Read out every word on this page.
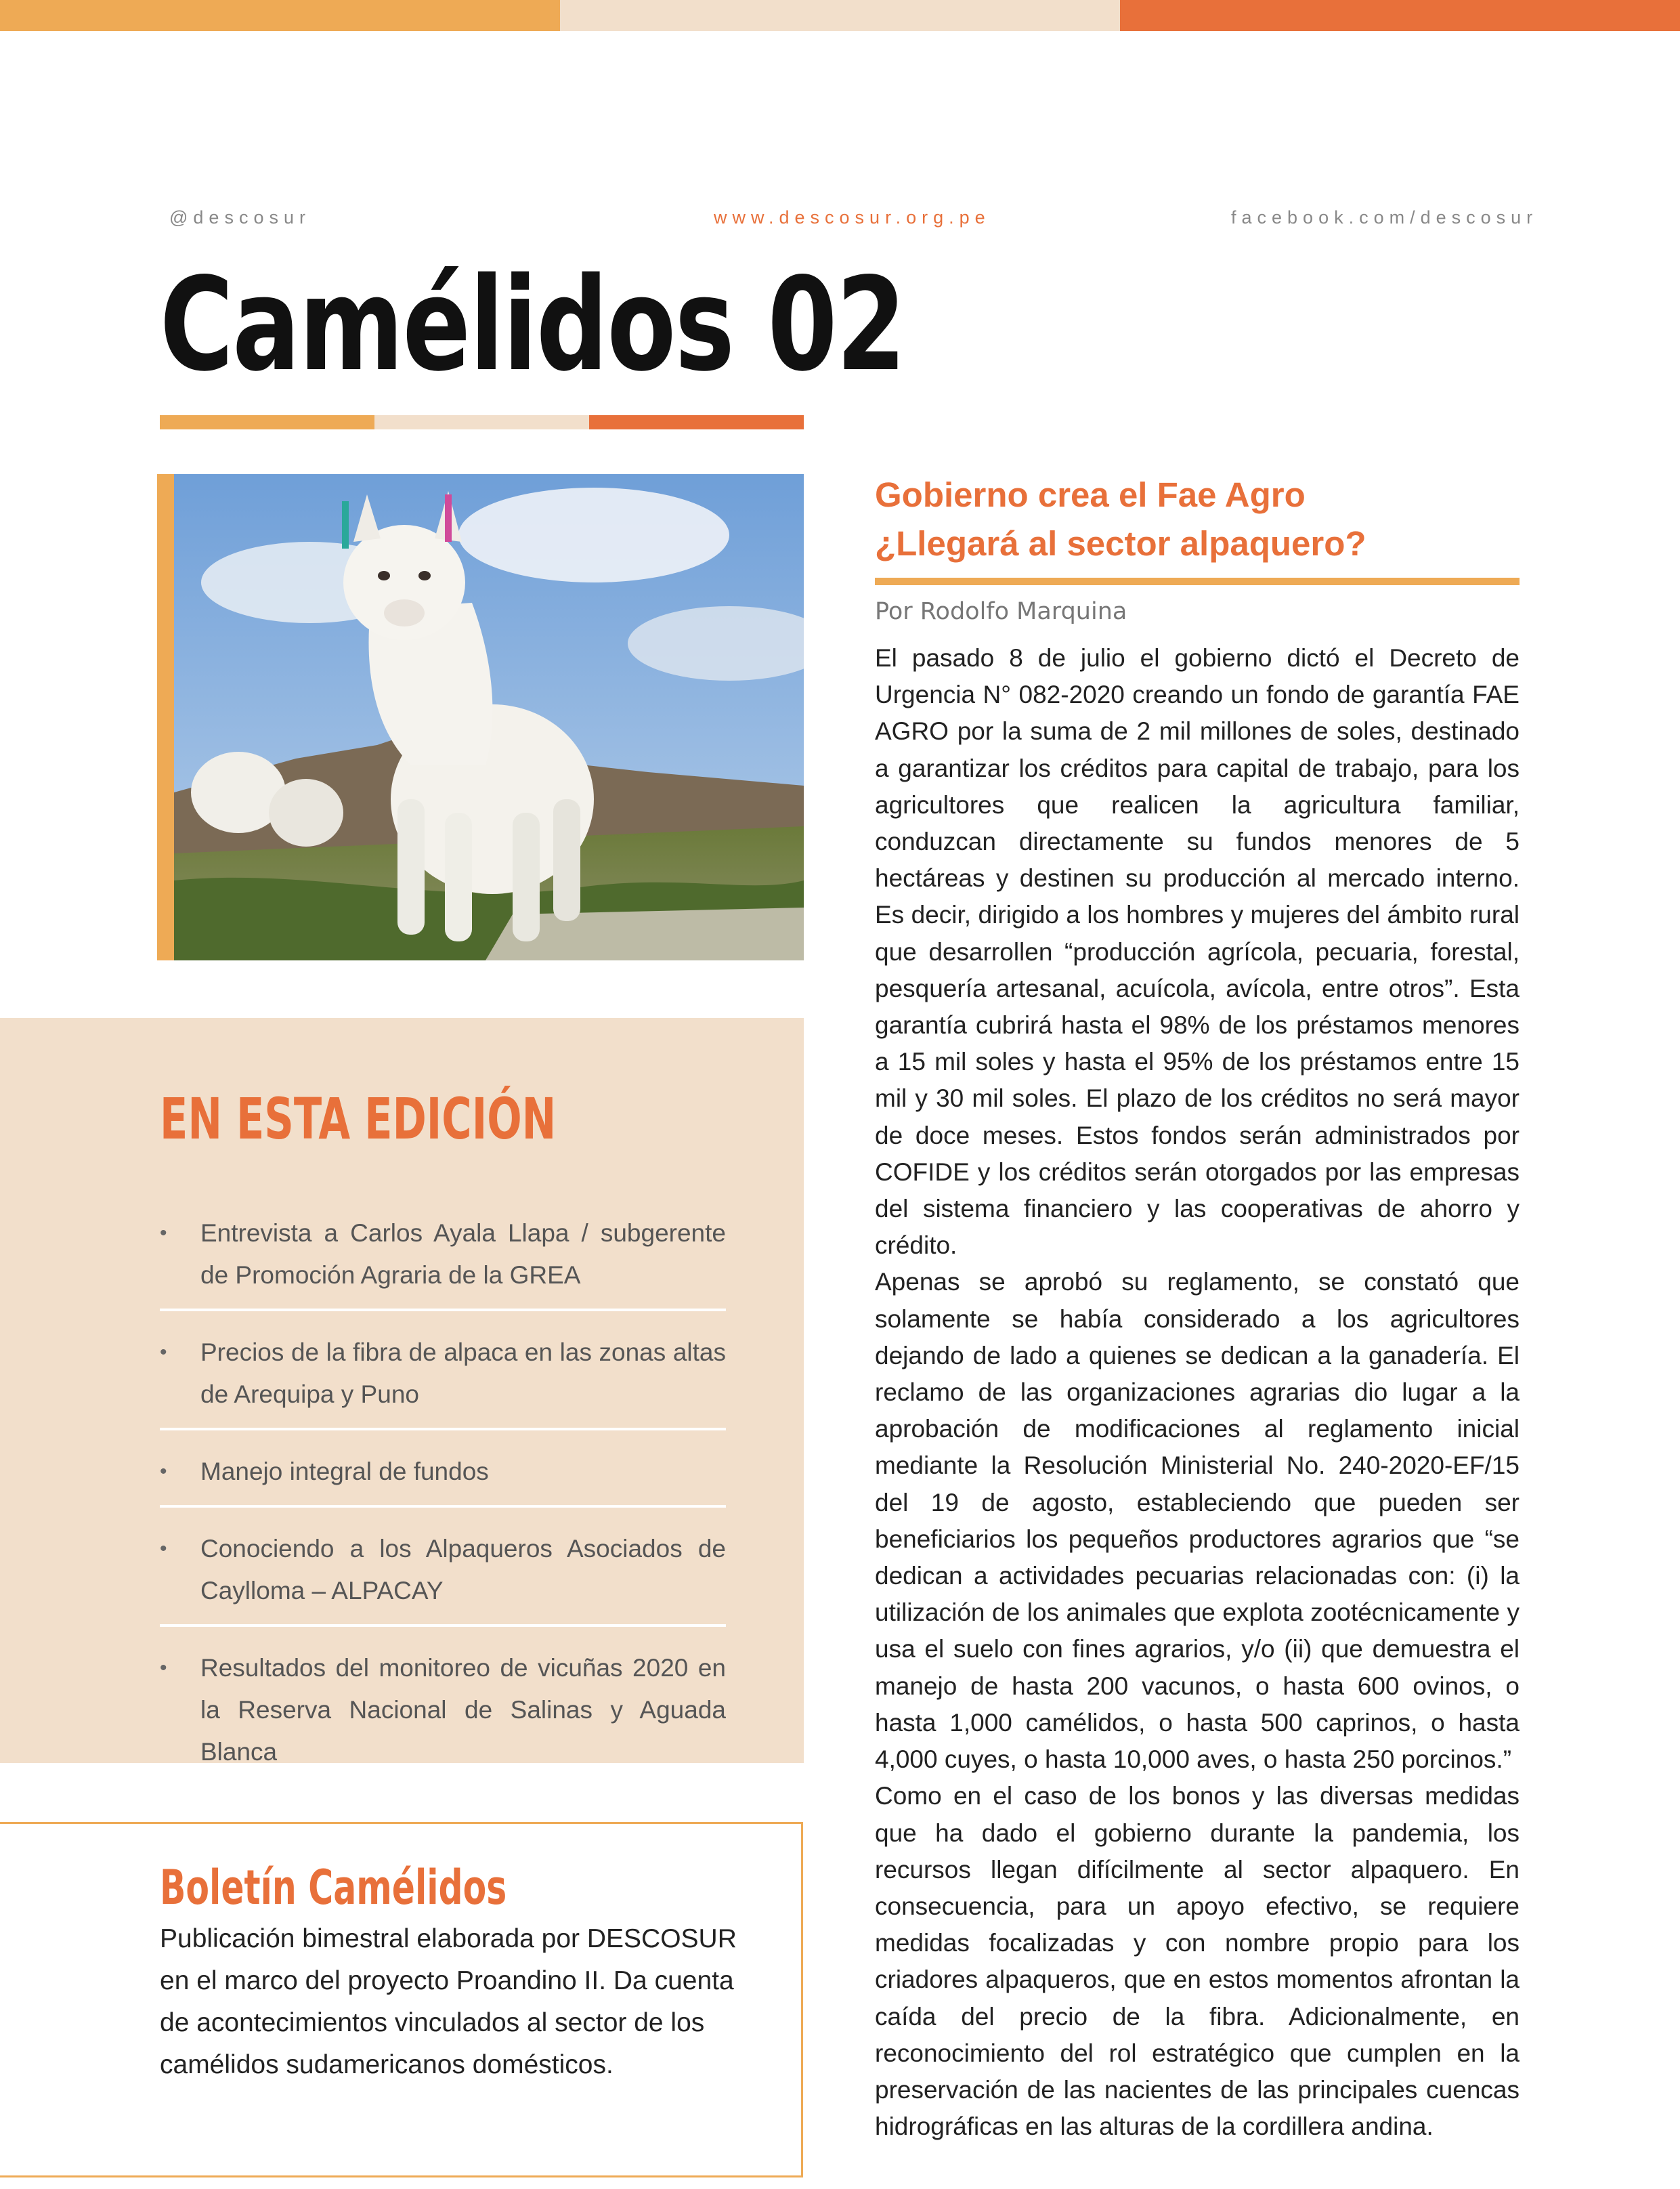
@descosur	www.descosur.org.pe	facebook.com/descosur
Camélidos 02
EN ESTA EDICIÓN
• Entrevista a Carlos Ayala Llapa / subgerente de Promoción Agraria de la GREA
• Precios de la fibra de alpaca en las zonas altas de Arequipa y Puno
• Manejo integral de fundos
• Conociendo a los Alpaqueros Asociados de Caylloma – ALPACAY
• Resultados del monitoreo de vicuñas 2020 en la Reserva Nacional de Salinas y Aguada Blanca
Boletín Camélidos
Publicación bimestral elaborada por DESCOSUR en el marco del proyecto Proandino II. Da cuenta de acontecimientos vinculados al sector de los camélidos sudamericanos domésticos.
Gobierno crea el Fae Agro
¿Llegará al sector alpaquero?
Por Rodolfo Marquina

El pasado 8 de julio el gobierno dictó el Decreto de Urgencia N° 082-2020 creando un fondo de garantía FAE AGRO por la suma de 2 mil millones de soles, destinado a garantizar los créditos para capital de trabajo, para los agricultores que realicen la agricultura familiar, conduzcan directamente su fundos menores de 5 hectáreas y destinen su producción al mercado interno. Es decir, dirigido a los hombres y mujeres del ámbito rural que desarrollen “producción agrícola, pecuaria, forestal, pesquería artesanal, acuícola, avícola, entre otros”. Esta garantía cubrirá hasta el 98% de los préstamos menores a 15 mil soles y hasta el 95% de los préstamos entre 15 mil y 30 mil soles. El plazo de los créditos no será mayor de doce meses. Estos fondos serán administrados por COFIDE y los créditos serán otorgados por las empresas del sistema financiero y las cooperativas de ahorro y crédito.

Apenas se aprobó su reglamento, se constató que solamente se había considerado a los agricultores dejando de lado a quienes se dedican a la ganadería. El reclamo de las organizaciones agrarias dio lugar a la aprobación de modificaciones al reglamento inicial mediante la Resolución Ministerial No. 240-2020-EF/15 del 19 de agosto, estableciendo que pueden ser beneficiarios los pequeños productores agrarios que “se dedican a actividades pecuarias relacionadas con: (i) la utilización de los animales que explota zootécnicamente y usa el suelo con fines agrarios, y/o (ii) que demuestra el manejo de hasta 200 vacunos, o hasta 600 ovinos, o hasta 1,000 camélidos, o hasta 500 caprinos, o hasta 4,000 cuyes, o hasta 10,000 aves, o hasta 250 porcinos.”

Como en el caso de los bonos y las diversas medidas que ha dado el gobierno durante la pandemia, los recursos llegan difícilmente al sector alpaquero. En consecuencia, para un apoyo efectivo, se requiere medidas focalizadas y con nombre propio para los criadores alpaqueros, que en estos momentos afrontan la caída del precio de la fibra. Adicionalmente, en reconocimiento del rol estratégico que cumplen en la preservación de las nacientes de las principales cuencas hidrográficas en las alturas de la cordillera andina.
